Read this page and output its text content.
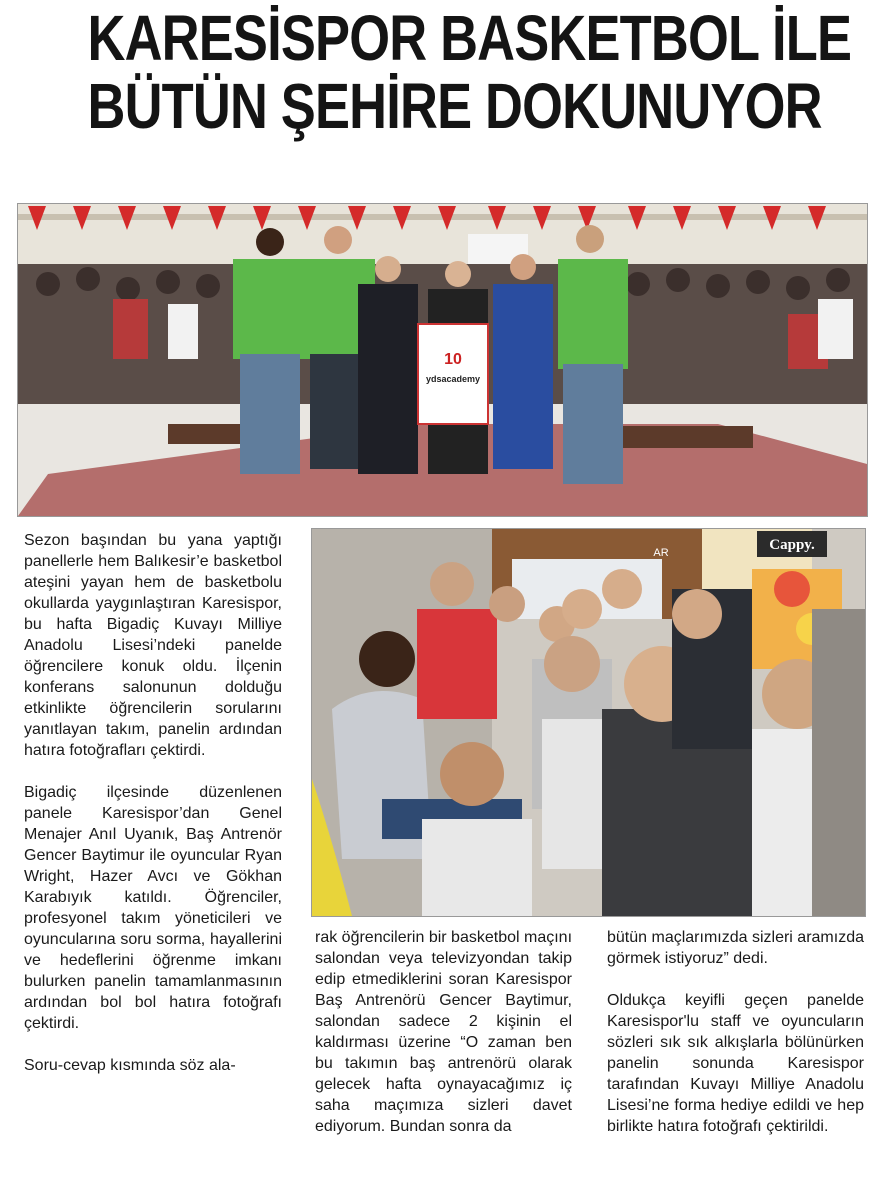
KARESİSPOR BASKETBOL İLE
BÜTÜN ŞEHİRE DOKUNUYOR
10
ydsacademy
Cappy.
AR

Sezon başından bu yana yaptığı panellerle hem Balıkesir’e basketbol ateşini yayan hem de basketbolu okullarda yaygınlaştıran Karesispor, bu hafta Bigadiç Kuvayı Milliye Anadolu Lisesi’ndeki panelde öğrencilere konuk oldu. İlçenin konferans salonunun dolduğu etkinlikte öğrencilerin sorularını yanıtlayan takım, panelin ardından hatıra fotoğrafları çektirdi.

Bigadiç ilçesinde düzenlenen panele Karesispor’dan Genel Menajer Anıl Uyanık, Baş Antrenör Gencer Baytimur ile oyuncular Ryan Wright, Hazer Avcı ve Gökhan Karabıyık katıldı. Öğrenciler, profesyonel takım yöneticileri ve oyuncularına soru sorma, hayallerini ve hedeflerini öğrenme imkanı bulurken panelin tamamlanmasının ardından bol bol hatıra fotoğrafı çektirdi.

Soru-cevap kısmında söz ala-

rak öğrencilerin bir basketbol maçını salondan veya televizyondan takip edip etmediklerini soran Karesispor Baş Antrenörü Gencer Baytimur, salondan sadece 2 kişinin el kaldırması üzerine “O zaman ben bu takımın baş antrenörü olarak gelecek hafta oynayacağımız iç saha maçımıza sizleri davet ediyorum. Bundan sonra da

bütün maçlarımızda sizleri aramızda görmek istiyoruz” dedi.

Oldukça keyifli geçen panelde Karesispor'lu staff ve oyuncuların sözleri sık sık alkışlarla bölünürken panelin sonunda Karesispor tarafından Kuvayı Milliye Anadolu Lisesi’ne forma hediye edildi ve hep birlikte hatıra fotoğrafı çektirildi.
